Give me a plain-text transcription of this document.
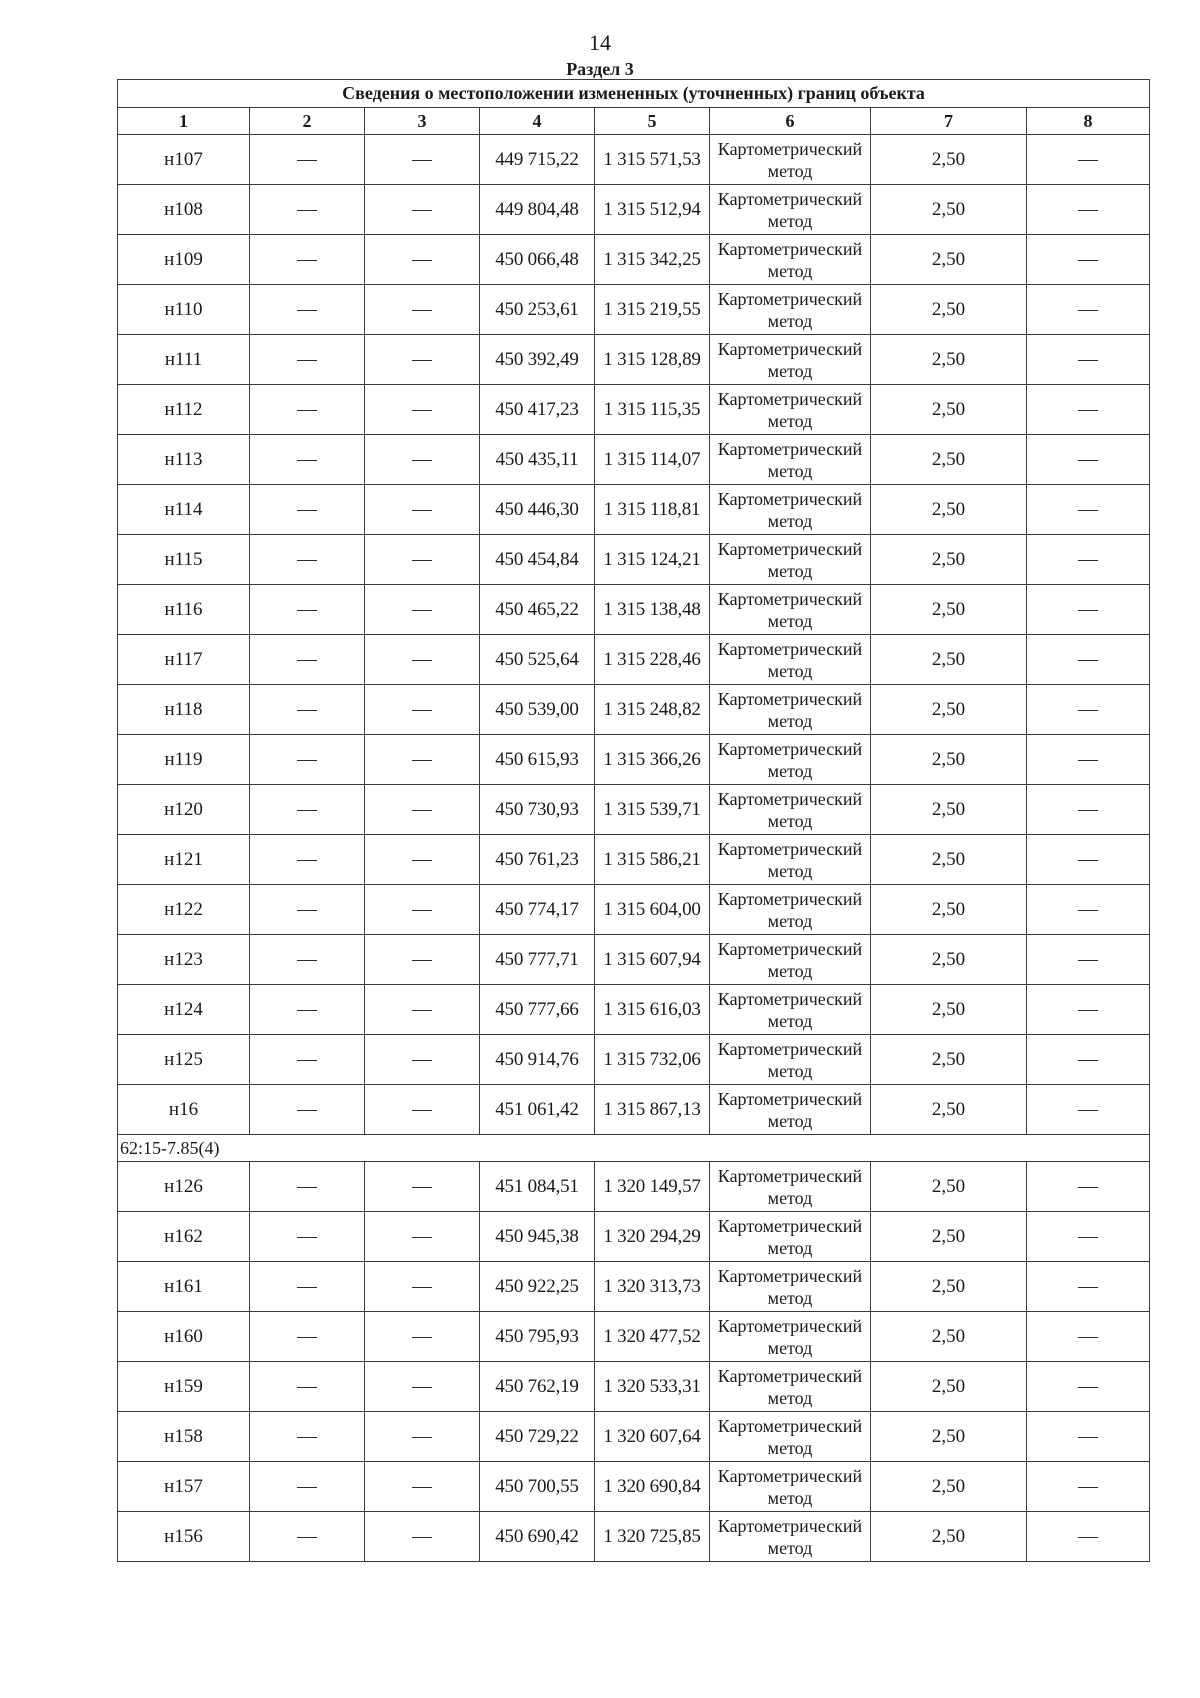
14
Раздел 3
Сведения о местоположении измененных (уточненных) границ объекта							
1	2	3	4	5	6	7	8
н107			449 715,22	1 315 571,53	Картометрический метод	2,50	
н108			449 804,48	1 315 512,94	Картометрический метод	2,50	
н109			450 066,48	1 315 342,25	Картометрический метод	2,50	
н110			450 253,61	1 315 219,55	Картометрический метод	2,50	
н111			450 392,49	1 315 128,89	Картометрический метод	2,50	
н112			450 417,23	1 315 115,35	Картометрический метод	2,50	
н113			450 435,11	1 315 114,07	Картометрический метод	2,50	
н114			450 446,30	1 315 118,81	Картометрический метод	2,50	
н115			450 454,84	1 315 124,21	Картометрический метод	2,50	
н116			450 465,22	1 315 138,48	Картометрический метод	2,50	
н117			450 525,64	1 315 228,46	Картометрический метод	2,50	
н118			450 539,00	1 315 248,82	Картометрический метод	2,50	
н119			450 615,93	1 315 366,26	Картометрический метод	2,50	
н120			450 730,93	1 315 539,71	Картометрический метод	2,50	
н121			450 761,23	1 315 586,21	Картометрический метод	2,50	
н122			450 774,17	1 315 604,00	Картометрический метод	2,50	
н123			450 777,71	1 315 607,94	Картометрический метод	2,50	
н124			450 777,66	1 315 616,03	Картометрический метод	2,50	
н125			450 914,76	1 315 732,06	Картометрический метод	2,50	
н16			451 061,42	1 315 867,13	Картометрический метод	2,50	
62:15-7.85(4)							
н126			451 084,51	1 320 149,57	Картометрический метод	2,50	
н162			450 945,38	1 320 294,29	Картометрический метод	2,50	
н161			450 922,25	1 320 313,73	Картометрический метод	2,50	
н160			450 795,93	1 320 477,52	Картометрический метод	2,50	
н159			450 762,19	1 320 533,31	Картометрический метод	2,50	
н158			450 729,22	1 320 607,64	Картометрический метод	2,50	
н157			450 700,55	1 320 690,84	Картометрический метод	2,50	
н156			450 690,42	1 320 725,85	Картометрический метод	2,50	
